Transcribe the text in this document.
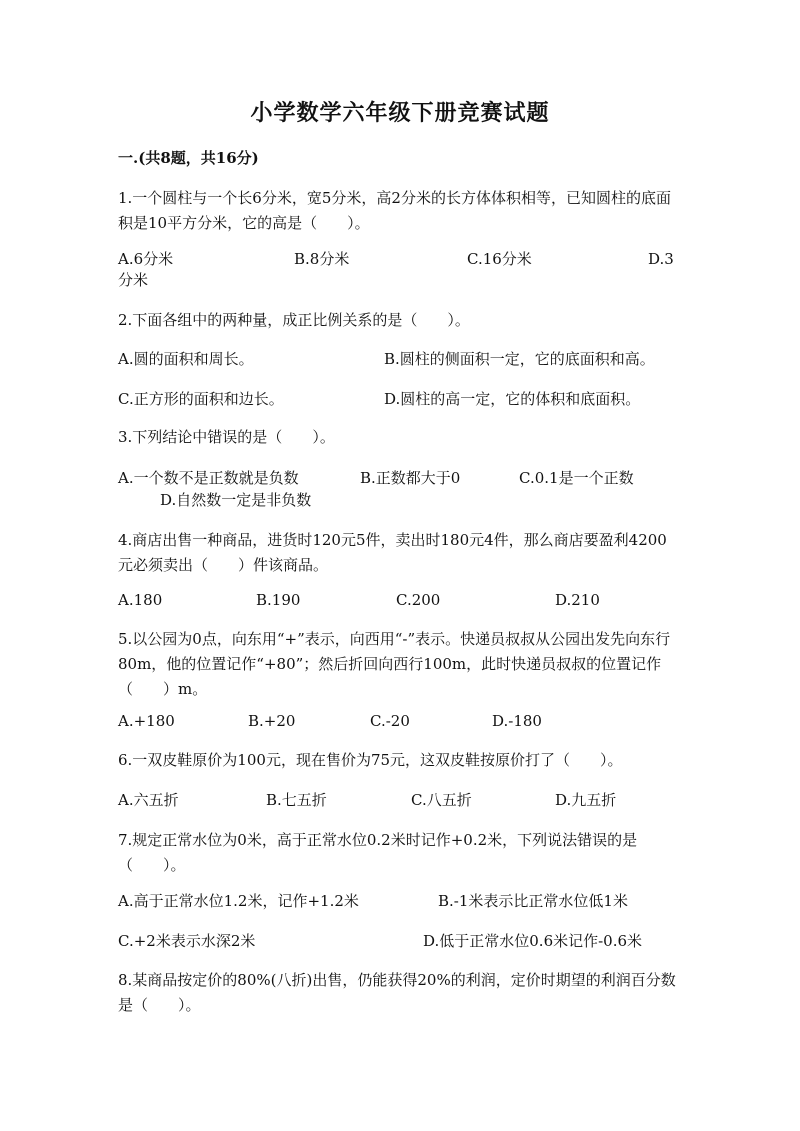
小学数学六年级下册竞赛试题
一.(共8题，共16分)
1.一个圆柱与一个长6分米，宽5分米，高2分米的长方体体积相等，已知圆柱的底面积是10平方分米，它的高是（　　）。
A.6分米	B.8分米	C.16分米	D.3
分米
2.下面各组中的两种量，成正比例关系的是（　　）。
A.圆的面积和周长。	B.圆柱的侧面积一定，它的底面积和高。
C.正方形的面积和边长。	D.圆柱的高一定，它的体积和底面积。
3.下列结论中错误的是（　　）。
A.一个数不是正数就是负数	B.正数都大于0	C.0.1是一个正数
D.自然数一定是非负数
4.商店出售一种商品，进货时120元5件，卖出时180元4件，那么商店要盈利4200元必须卖出（　　）件该商品。
A.180	B.190	C.200	D.210
5.以公园为0点，向东用“+”表示，向西用“-”表示。快递员叔叔从公园出发先向东行80m，他的位置记作“+80”；然后折回向西行100m，此时快递员叔叔的位置记作（　　）m。
A.+180	B.+20	C.-20	D.-180
6.一双皮鞋原价为100元，现在售价为75元，这双皮鞋按原价打了（　　）。
A.六五折	B.七五折	C.八五折	D.九五折
7.规定正常水位为0米，高于正常水位0.2米时记作+0.2米，下列说法错误的是（　　）。
A.高于正常水位1.2米，记作+1.2米	B.-1米表示比正常水位低1米
C.+2米表示水深2米	D.低于正常水位0.6米记作-0.6米
8.某商品按定价的80%(八折)出售，仍能获得20%的利润，定价时期望的利润百分数是（　　）。
